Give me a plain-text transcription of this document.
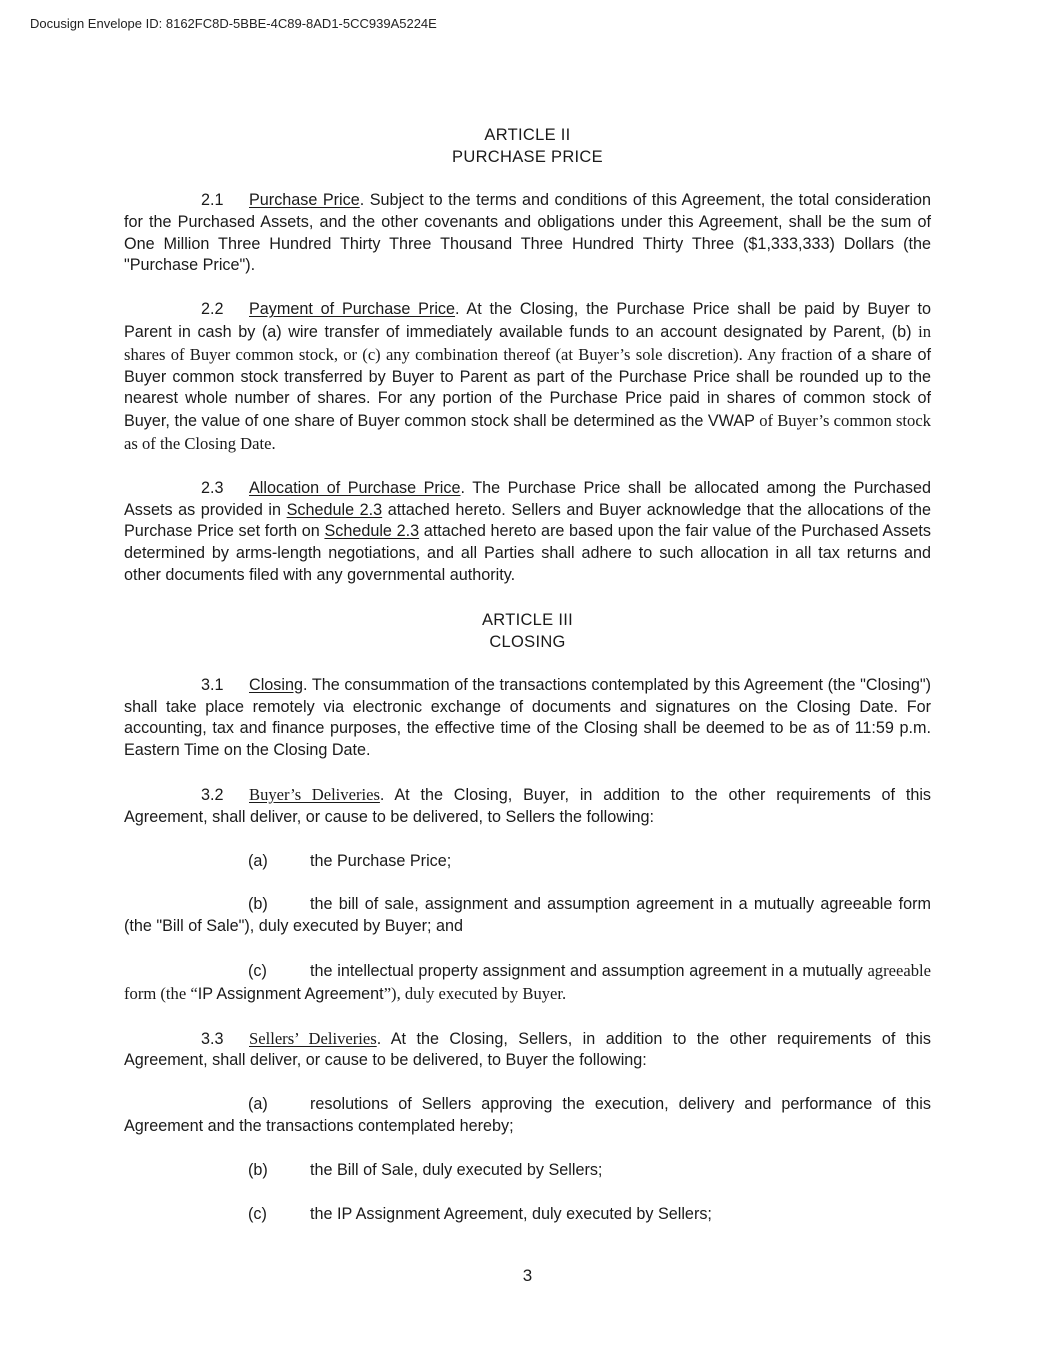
Docusign Envelope ID: 8162FC8D-5BBE-4C89-8AD1-5CC939A5224E
ARTICLE II
PURCHASE PRICE

2.1 Purchase Price. Subject to the terms and conditions of this Agreement, the total consideration for the Purchased Assets, and the other covenants and obligations under this Agreement, shall be the sum of One Million Three Hundred Thirty Three Thousand Three Hundred Thirty Three ($1,333,333) Dollars (the "Purchase Price").

2.2 Payment of Purchase Price. At the Closing, the Purchase Price shall be paid by Buyer to Parent in cash by (a) wire transfer of immediately available funds to an account designated by Parent, (b) in shares of Buyer common stock, or (c) any combination thereof (at Buyer’s sole discretion). Any fraction of a share of Buyer common stock transferred by Buyer to Parent as part of the Purchase Price shall be rounded up to the nearest whole number of shares. For any portion of the Purchase Price paid in shares of common stock of Buyer, the value of one share of Buyer common stock shall be determined as the VWAP of Buyer’s common stock as of the Closing Date.

2.3 Allocation of Purchase Price. The Purchase Price shall be allocated among the Purchased Assets as provided in Schedule 2.3 attached hereto. Sellers and Buyer acknowledge that the allocations of the Purchase Price set forth on Schedule 2.3 attached hereto are based upon the fair value of the Purchased Assets determined by arms-length negotiations, and all Parties shall adhere to such allocation in all tax returns and other documents filed with any governmental authority.

ARTICLE III
CLOSING

3.1 Closing. The consummation of the transactions contemplated by this Agreement (the "Closing") shall take place remotely via electronic exchange of documents and signatures on the Closing Date. For accounting, tax and finance purposes, the effective time of the Closing shall be deemed to be as of 11:59 p.m. Eastern Time on the Closing Date.

3.2 Buyer’s Deliveries. At the Closing, Buyer, in addition to the other requirements of this Agreement, shall deliver, or cause to be delivered, to Sellers the following:

(a)	the Purchase Price;

(b)	the bill of sale, assignment and assumption agreement in a mutually agreeable form (the "Bill of Sale"), duly executed by Buyer; and

(c)	the intellectual property assignment and assumption agreement in a mutually agreeable form (the “IP Assignment Agreement”), duly executed by Buyer.

3.3 Sellers’ Deliveries. At the Closing, Sellers, in addition to the other requirements of this Agreement, shall deliver, or cause to be delivered, to Buyer the following:

(a)	resolutions of Sellers approving the execution, delivery and performance of this Agreement and the transactions contemplated hereby;

(b)	the Bill of Sale, duly executed by Sellers;

(c)	the IP Assignment Agreement, duly executed by Sellers;

3
